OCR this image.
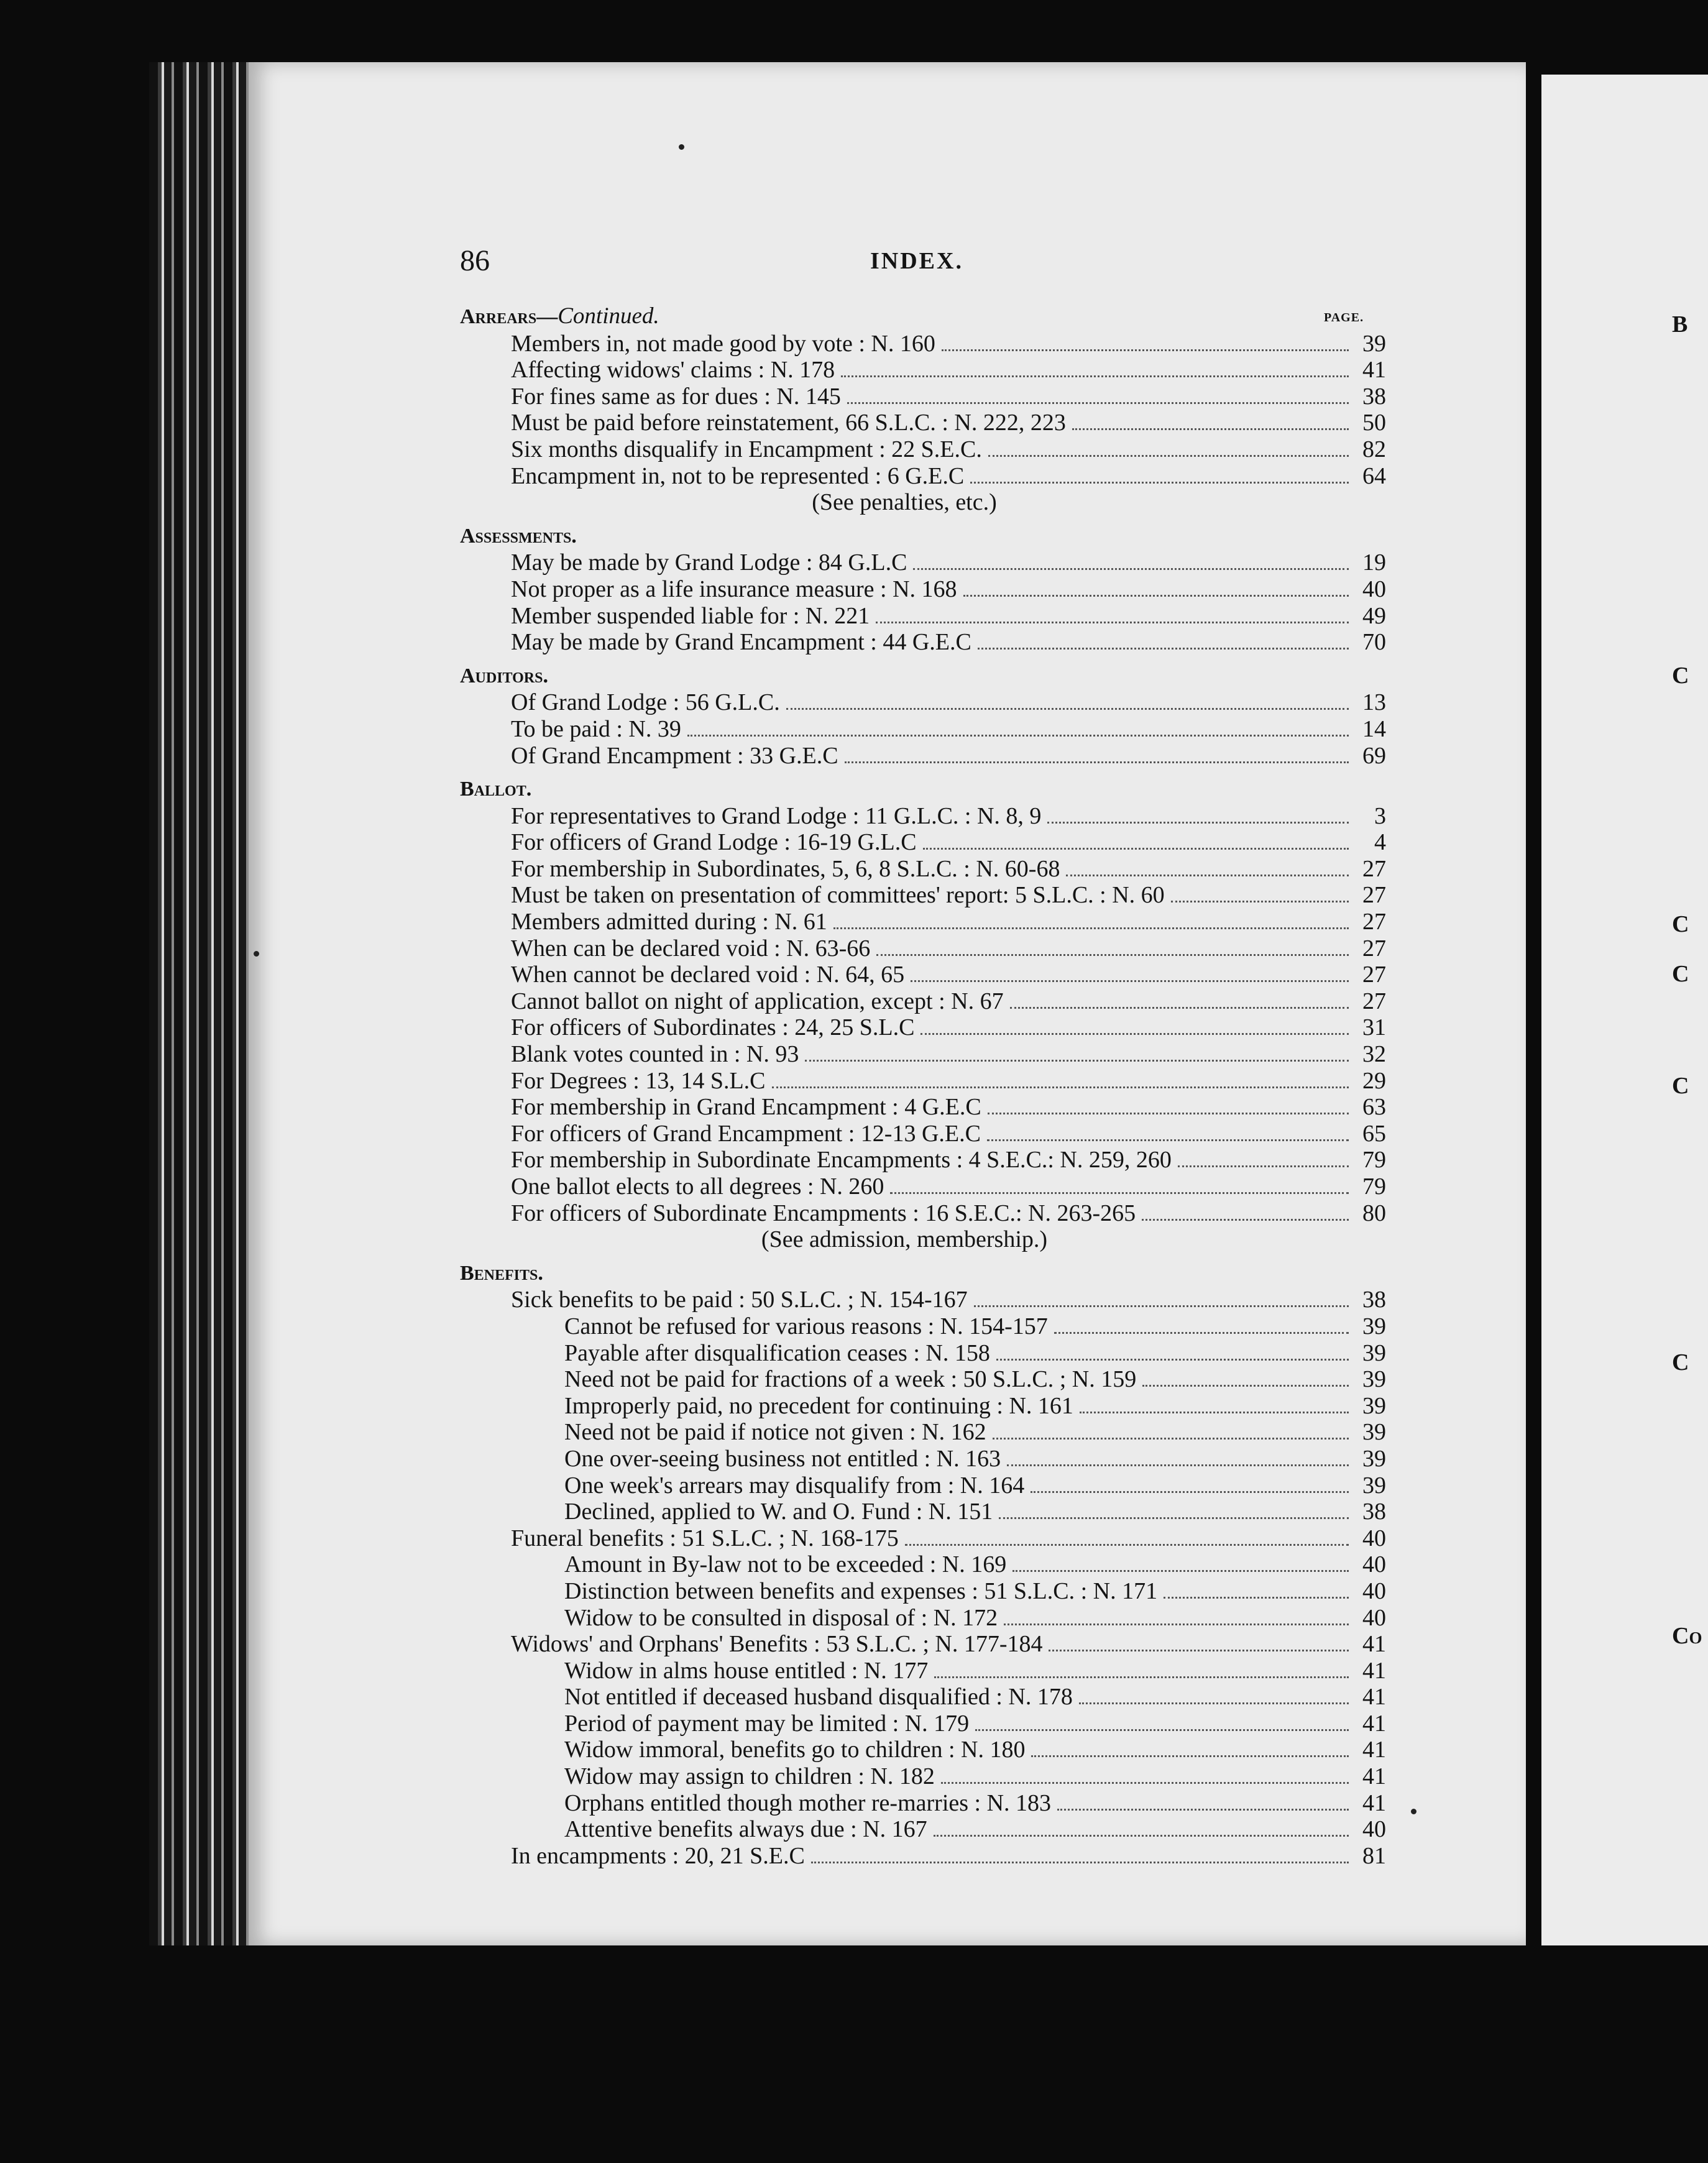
B
C
C
C
C
C
Co
86	INDEX.
PAGE.
Arrears—Continued.
Members in, not made good by vote : N. 160	39
Affecting widows' claims : N. 178	41
For fines same as for dues : N. 145	38
Must be paid before reinstatement, 66 S.L.C. : N. 222, 223	50
Six months disqualify in Encampment : 22 S.E.C.	82
Encampment in, not to be represented : 6 G.E.C	64
(See penalties, etc.)
Assessments.
May be made by Grand Lodge : 84 G.L.C	19
Not proper as a life insurance measure : N. 168	40
Member suspended liable for : N. 221	49
May be made by Grand Encampment : 44 G.E.C	70
Auditors.
Of Grand Lodge : 56 G.L.C.	13
To be paid : N. 39	14
Of Grand Encampment : 33 G.E.C	69
Ballot.
For representatives to Grand Lodge : 11 G.L.C. : N. 8, 9	3
For officers of Grand Lodge : 16-19 G.L.C	4
For membership in Subordinates, 5, 6, 8 S.L.C. : N. 60-68	27
Must be taken on presentation of committees' report: 5 S.L.C. : N. 60	27
Members admitted during : N. 61	27
When can be declared void : N. 63-66	27
When cannot be declared void : N. 64, 65	27
Cannot ballot on night of application, except : N. 67	27
For officers of Subordinates : 24, 25 S.L.C	31
Blank votes counted in : N. 93	32
For Degrees : 13, 14 S.L.C	29
For membership in Grand Encampment : 4 G.E.C	63
For officers of Grand Encampment : 12-13 G.E.C	65
For membership in Subordinate Encampments : 4 S.E.C.: N. 259, 260	79
One ballot elects to all degrees : N. 260	79
For officers of Subordinate Encampments : 16 S.E.C.: N. 263-265	80
(See admission, membership.)
Benefits.
Sick benefits to be paid : 50 S.L.C. ; N. 154-167	38
Cannot be refused for various reasons : N. 154-157	39
Payable after disqualification ceases : N. 158	39
Need not be paid for fractions of a week : 50 S.L.C. ; N. 159	39
Improperly paid, no precedent for continuing : N. 161	39
Need not be paid if notice not given : N. 162	39
One over-seeing business not entitled : N. 163	39
One week's arrears may disqualify from : N. 164	39
Declined, applied to W. and O. Fund : N. 151	38
Funeral benefits : 51 S.L.C. ; N. 168-175	40
Amount in By-law not to be exceeded : N. 169	40
Distinction between benefits and expenses : 51 S.L.C. : N. 171	40
Widow to be consulted in disposal of : N. 172	40
Widows' and Orphans' Benefits : 53 S.L.C. ; N. 177-184	41
Widow in alms house entitled : N. 177	41
Not entitled if deceased husband disqualified : N. 178	41
Period of payment may be limited : N. 179	41
Widow immoral, benefits go to children : N. 180	41
Widow may assign to children : N. 182	41
Orphans entitled though mother re-marries : N. 183	41
Attentive benefits always due : N. 167	40
In encampments : 20, 21 S.E.C	81
